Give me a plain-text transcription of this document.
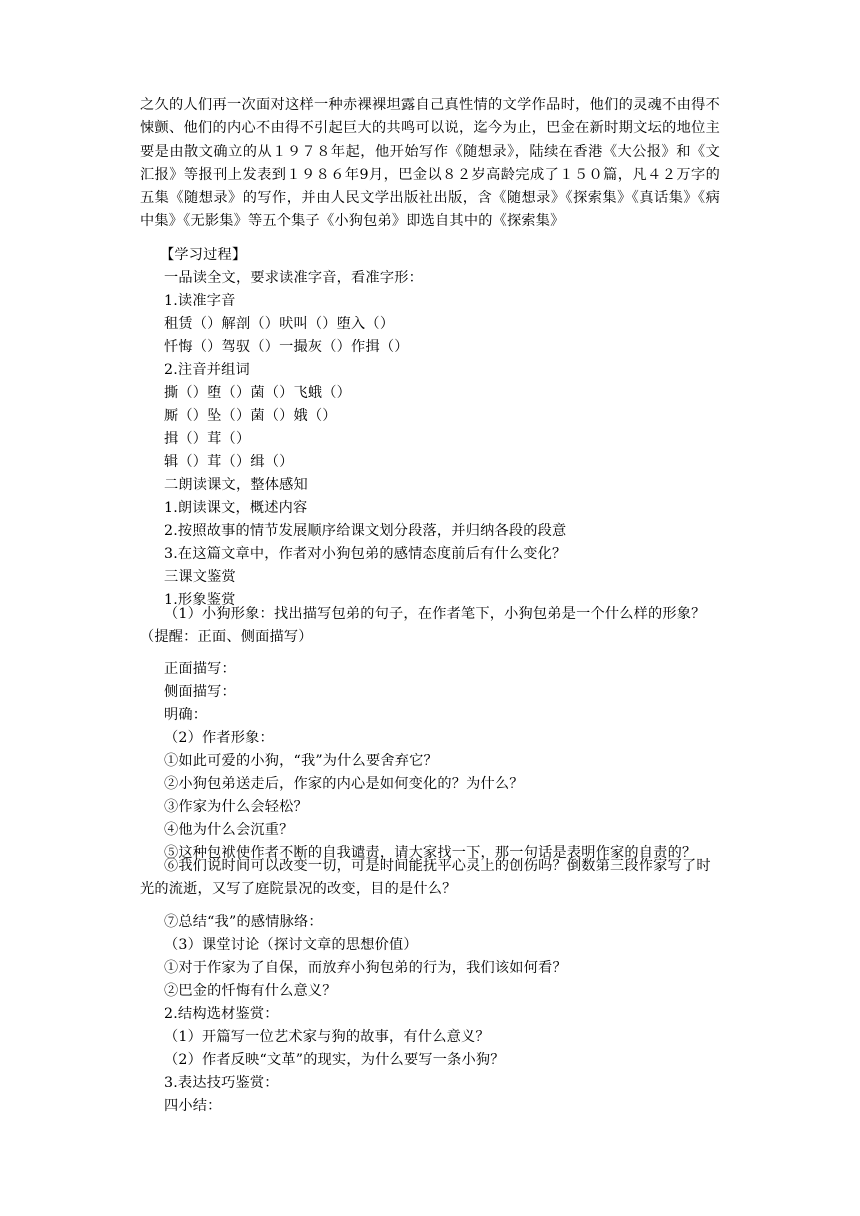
之久的人们再一次面对这样一种赤裸裸坦露自己真性情的文学作品时，他们的灵魂不由得不悚颤、他们的内心不由得不引起巨大的共鸣可以说，迄今为止，巴金在新时期文坛的地位主要是由散文确立的从１９７８年起，他开始写作《随想录》，陆续在香港《大公报》和《文汇报》等报刊上发表到１９８６年9月，巴金以８２岁高龄完成了１５０篇，凡４２万字的五集《随想录》的写作，并由人民文学出版社出版，含《随想录》《探索集》《真话集》《病中集》《无影集》等五个集子《小狗包弟》即选自其中的《探索集》
【学习过程】
一品读全文，要求读准字音，看准字形：
1.读准字音
租赁（）解剖（）吠叫（）堕入（）
忏悔（）驾驭（）一撮灰（）作揖（）
2.注音并组词
撕（）堕（）菌（）飞蛾（）
厮（）坠（）菌（）娥（）
揖（）茸（）
辑（）茸（）缉（）
二朗读课文，整体感知
1.朗读课文，概述内容
2.按照故事的情节发展顺序给课文划分段落，并归纳各段的段意
3.在这篇文章中，作者对小狗包弟的感情态度前后有什么变化？
三课文鉴赏
1.形象鉴赏
（1）小狗形象：找出描写包弟的句子，在作者笔下，小狗包弟是一个什么样的形象？（提醒：正面、侧面描写）
正面描写：
侧面描写：
明确：
（2）作者形象：
①如此可爱的小狗，“我”为什么要舍弃它？
②小狗包弟送走后，作家的内心是如何变化的？为什么？
③作家为什么会轻松？
④他为什么会沉重？
⑤这种包袱使作者不断的自我谴责，请大家找一下，那一句话是表明作家的自责的？
⑥我们说时间可以改变一切，可是时间能抚平心灵上的创伤吗？倒数第三段作家写了时光的流逝，又写了庭院景况的改变，目的是什么？
⑦总结“我”的感情脉络：
（3）课堂讨论（探讨文章的思想价值）
①对于作家为了自保，而放弃小狗包弟的行为，我们该如何看？
②巴金的忏悔有什么意义？
2.结构选材鉴赏：
（1）开篇写一位艺术家与狗的故事，有什么意义？
（2）作者反映“文革”的现实，为什么要写一条小狗？
3.表达技巧鉴赏：
四小结：
